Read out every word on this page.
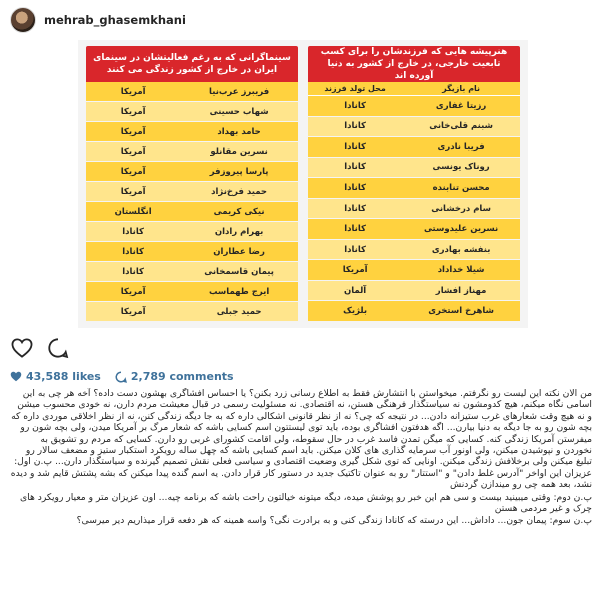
mehrab_ghasemkhani
سینماگرانی که به رغم فعالیتشان در سینمای ایران در خارج از کشور زندگی می کنند
آمریکا	فریبرز عرب‌نیا
آمریکا	شهاب حسینی
آمریکا	حامد بهداد
آمریکا	نسرین مقانلو
آمریکا	پارسا پیروزفر
آمریکا	حمید فرخ‌نژاد
انگلستان	نیکی کریمی
کانادا	بهرام رادان
کانادا	رضا عطاران
کانادا	پیمان قاسمخانی
آمریکا	ایرج طهماسب
آمریکا	حمید جبلی
هنرپیشه هایی که فرزندشان را برای کسب تابعیت خارجی، در خارج از کشور به دنیا آورده اند
محل تولد فرزند	نام بازیگر
کانادا	رزیتا غفاری
کانادا	شبنم قلی‌خانی
کانادا	فریبا نادری
کانادا	روناک یونسی
کانادا	محسن تنابنده
کانادا	سام درخشانی
کانادا	نسرین علیدوستی
کانادا	بنفشه بهادری
آمریکا	شیلا خداداد
آلمان	مهناز افشار
بلژیک	شاهرخ استخری
43,588 likes	2,789 comments

من الان نکته این لیست رو نگرفتم. میخواستن با انتشارش فقط به اطلاع رسانی زرد بکنن؟ یا احساس افشاگری بهشون دست داده؟ آخه هر چی به این اسامی نگاه میکنم، هیچ کدومشون نه سیاستگذار فرهنگی هستن، نه اقتصادی. نه مسئولیت رسمی در قبال معیشت مردم دارن، نه خودی محسوب میشن و نه هیچ وقت شعارهای غرب ستیزانه دادن... در نتیجه که چی؟ نه از نظر قانونی اشکالی داره که به جا دیگه زندگی کنن، نه از نظر اخلاقی موردی داره که بچه شون رو به جا دیگه به دنیا بیارن... اگه هدفتون افشاگری بوده، باید توی لیستتون اسم کسایی باشه که شعار مرگ بر آمریکا میدن، ولی بچه شون رو میفرستن آمریکا زندگی کنه. کسایی که میگن تمدن فاسد غرب در حال سقوطه، ولی اقامت کشورای غربی رو دارن. کسایی که مردم رو تشویق به نخوردن و نپوشیدن میکنن، ولی اونور آب سرمایه گذاری های کلان میکنن. باید اسم کسایی باشه که چهل ساله رویکرد استکبار ستیز و مضعف سالار رو تبلیغ میکنن ولی برخلافش زندگی میکنن. اونایی که توی شکل گیری وضعیت اقتصادی و سیاسی فعلی نقش تصمیم گیرنده و سیاستگذار دارن... پ.ن اول: عزیزان این اواخر "آدرس غلط دادن" و "استتار" رو به عنوان تاکتیک جدید در دستور کار قرار دادن. یه اسم گنده پیدا میکنن که بشه پشتش قایم شد و دیده نشد، بعد همه چی رو میندازن گردنش

پ.ن دوم: وقتی میبینید بیست و سی هم این خبر رو پوشش میده، دیگه میتونه خیالتون راحت باشه که برنامه چیه... اون عزیزان متر و معیار رویکرد های چرک و غیر مردمی هستن

پ.ن سوم: پیمان جون... داداش... این درسته که کانادا زندگی کنی و به برادرت نگی؟ واسه همینه که هر دفعه قرار میذاریم دیر میرسی؟
